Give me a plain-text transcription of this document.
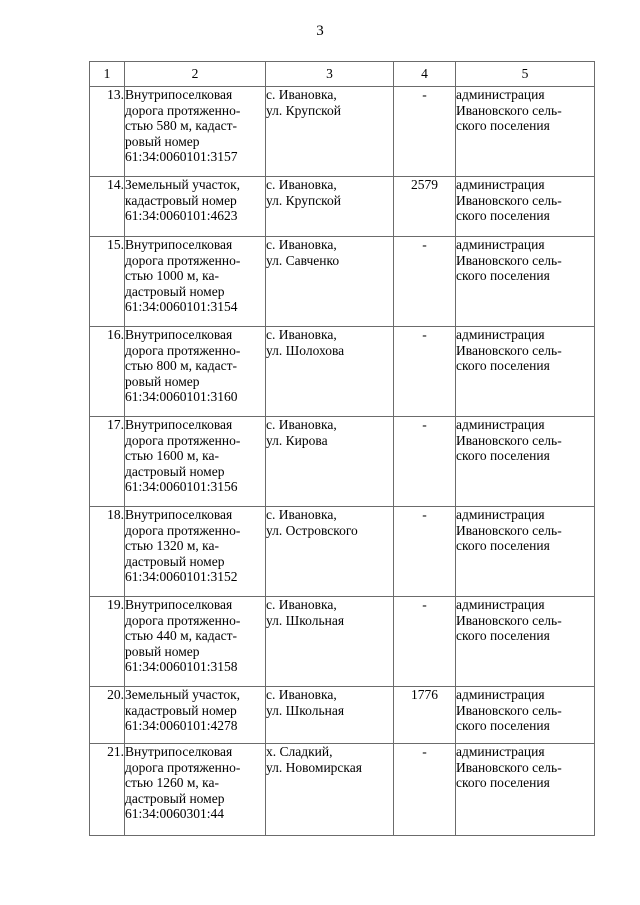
3
1	2	3	4	5
13.	Внутрипоселковая
дорога протяженно-
стью 580 м, кадаст-
ровый номер
61:34:0060101:3157	с. Ивановка,
ул. Крупской	-	администрация
Ивановского сель-
ского поселения
14.	Земельный участок,
кадастровый номер
61:34:0060101:4623	с. Ивановка,
ул. Крупской	2579	администрация
Ивановского сель-
ского поселения
15.	Внутрипоселковая
дорога протяженно-
стью 1000 м, ка-
дастровый номер
61:34:0060101:3154	с. Ивановка,
ул. Савченко	-	администрация
Ивановского сель-
ского поселения
16.	Внутрипоселковая
дорога протяженно-
стью 800 м, кадаст-
ровый номер
61:34:0060101:3160	с. Ивановка,
ул. Шолохова	-	администрация
Ивановского сель-
ского поселения
17.	Внутрипоселковая
дорога протяженно-
стью 1600 м, ка-
дастровый номер
61:34:0060101:3156	с. Ивановка,
ул. Кирова	-	администрация
Ивановского сель-
ского поселения
18.	Внутрипоселковая
дорога протяженно-
стью 1320 м, ка-
дастровый номер
61:34:0060101:3152	с. Ивановка,
ул. Островского	-	администрация
Ивановского сель-
ского поселения
19.	Внутрипоселковая
дорога протяженно-
стью 440 м, кадаст-
ровый номер
61:34:0060101:3158	с. Ивановка,
ул. Школьная	-	администрация
Ивановского сель-
ского поселения
20.	Земельный участок,
кадастровый номер
61:34:0060101:4278	с. Ивановка,
ул. Школьная	1776	администрация
Ивановского сель-
ского поселения
21.	Внутрипоселковая
дорога протяженно-
стью 1260 м, ка-
дастровый номер
61:34:0060301:44	х. Сладкий,
ул. Новомирская	-	администрация
Ивановского сель-
ского поселения
